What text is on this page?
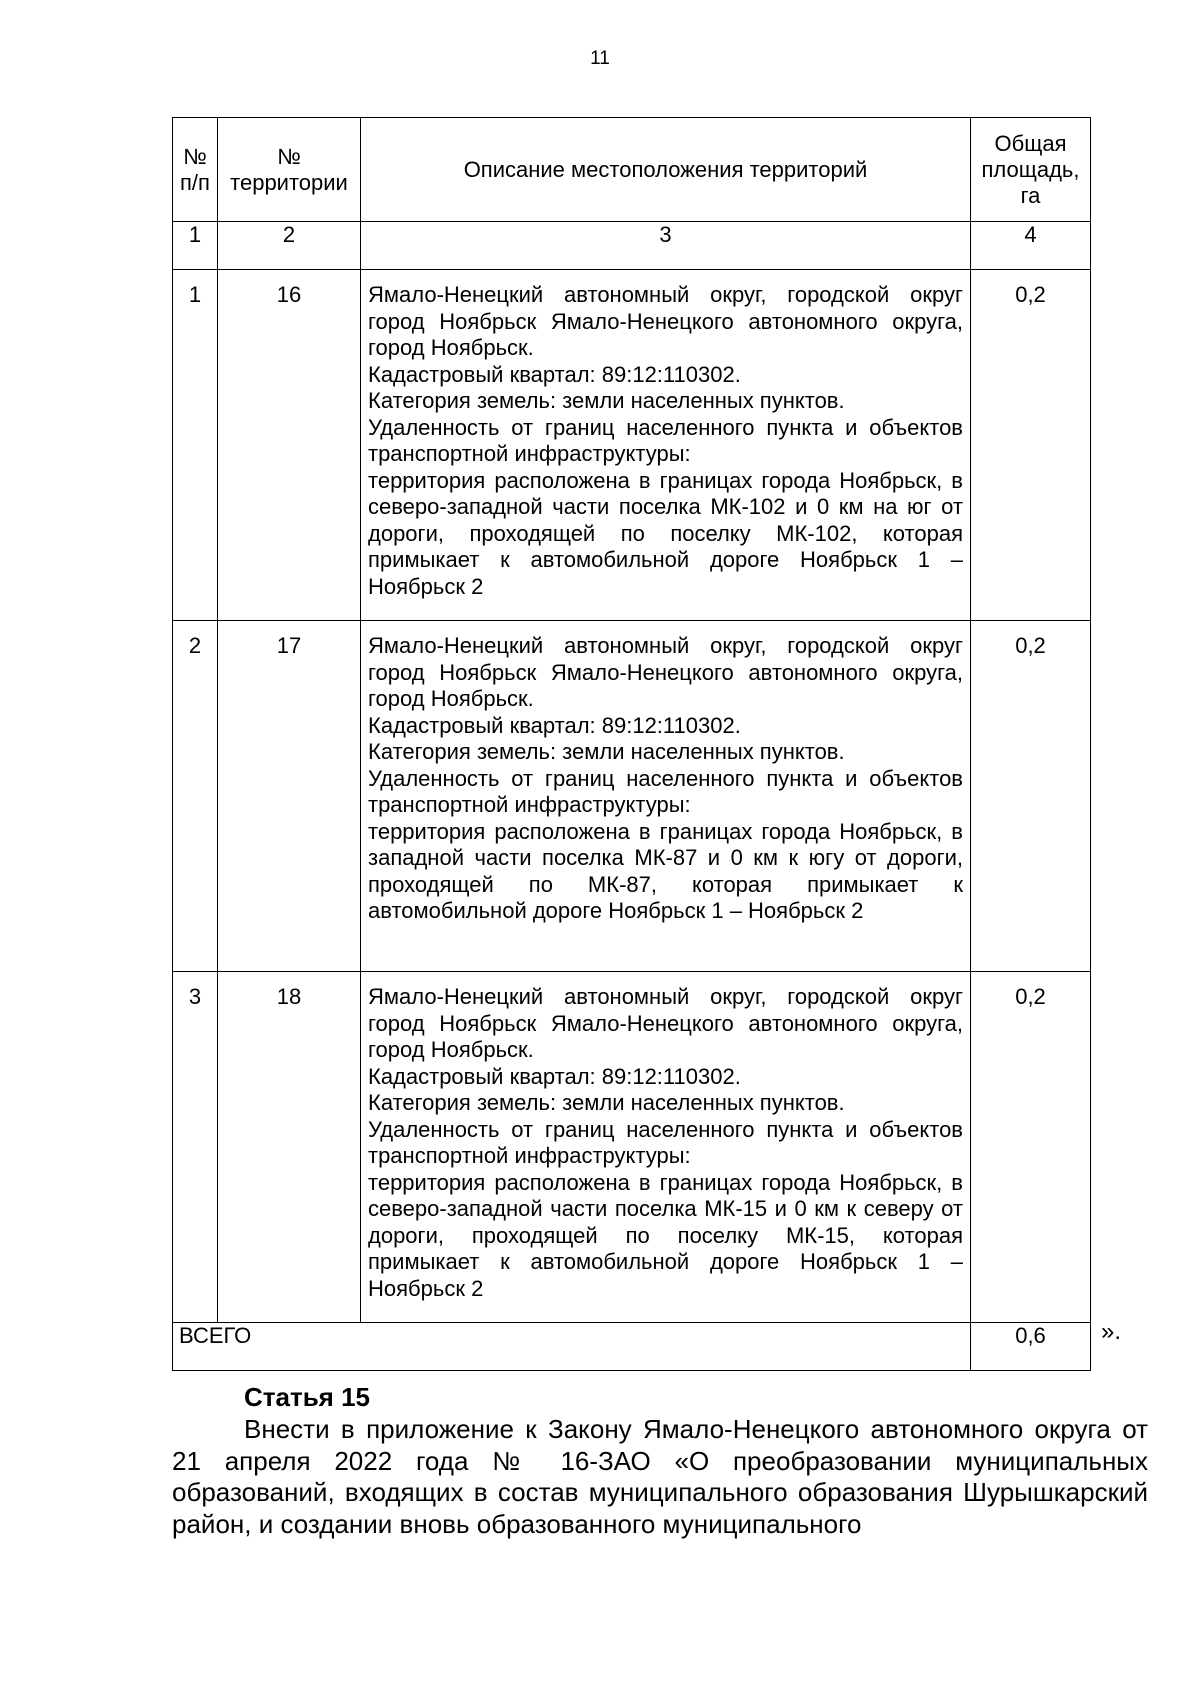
11
№ п/п	№ территории	Описание местоположения территорий	Общая площадь, га
1	2	3	4
1	16	Ямало-Ненецкий автономный округ, городской округ город Ноябрьск Ямало-Ненецкого автономного округа, город Ноябрьск.

Кадастровый квартал: 89:12:110302.

Категория земель: земли населенных пунктов.

Удаленность от границ населенного пункта и объектов транспортной инфраструктуры:

территория расположена в границах города Ноябрьск, в северо-западной части поселка МК-102 и 0 км на юг от дороги, проходящей по поселку МК-102, которая примыкает к автомобильной дороге Ноябрьск 1 – Ноябрьск 2	0,2
2	17	Ямало-Ненецкий автономный округ, городской округ город Ноябрьск Ямало-Ненецкого автономного округа, город Ноябрьск.

Кадастровый квартал: 89:12:110302.

Категория земель: земли населенных пунктов.

Удаленность от границ населенного пункта и объектов транспортной инфраструктуры:

территория расположена в границах города Ноябрьск, в западной части поселка МК-87 и 0 км к югу от дороги, проходящей по МК-87, которая примыкает к автомобильной дороге Ноябрьск 1 – Ноябрьск 2	0,2
3	18	Ямало-Ненецкий автономный округ, городской округ город Ноябрьск Ямало-Ненецкого автономного округа, город Ноябрьск.

Кадастровый квартал: 89:12:110302.

Категория земель: земли населенных пунктов.

Удаленность от границ населенного пункта и объектов транспортной инфраструктуры:

территория расположена в границах города Ноябрьск, в северо-западной части поселка МК-15 и 0 км к северу от дороги, проходящей по поселку МК-15, которая примыкает к автомобильной дороге Ноябрьск 1 – Ноябрьск 2	0,2
ВСЕГО			0,6 ».
Статья 15

Внести в приложение к Закону Ямало-Ненецкого автономного округа от 21 апреля 2022 года № 16-ЗАО «О преобразовании муниципальных образований, входящих в состав муниципального образования Шурышкарский район, и создании вновь образованного муниципального
